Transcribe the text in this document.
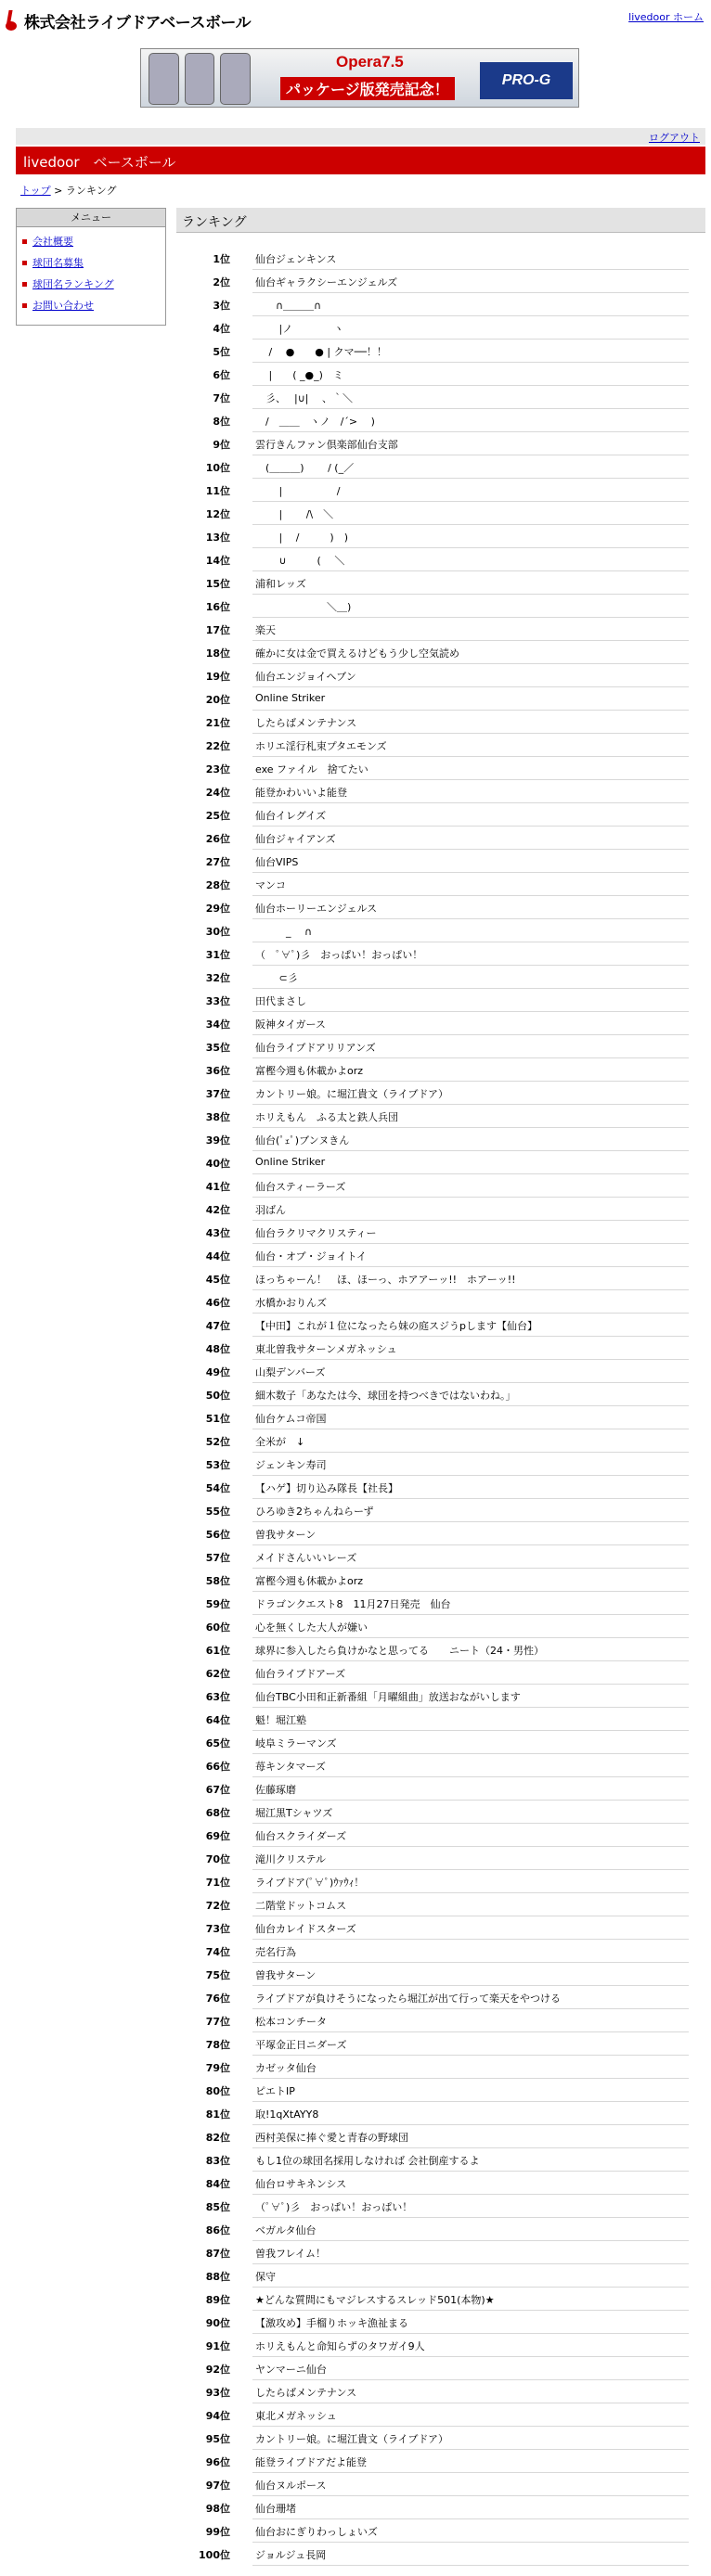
株式会社ライブドアベースボール	livedoor ホーム
Opera7.5
パッケージ版発売記念！
PRO-G OUTLET
ログアウト
livedoor　ベースボール
トップ > ランキング
メニュー
会社概要
球団名募集
球団名ランキング
お問い合わせ
ランキング
1位 仙台ジェンキンス
2位 仙台ギャラクシーエンジェルズ
3位 　　∩＿＿＿∩
4位 　 　|ノ　　　　ヽ
5位 　 /　 ●　　● | クマ──！！
6位 　 |　　( _●_)　ミ
7位 　彡、　 |∪|　 、｀＼
8位 　/　＿＿　ヽノ　/´> 　)
9位 雲行きんファン倶楽部仙台支部
10位 　(＿＿＿)　　 / (_／
11位 　　 |　　　　　 /
12位 　　 |　　 /\　＼
13位 　　 |　 /　　　)　)
14位 　　 ∪　　　(　 ＼
15位 浦和レッズ
16位 　　　　　　　＼＿)
17位 楽天
18位 確かに女は金で買えるけどもう少し空気読め
19位 仙台エンジョイヘブン
20位 Online Striker
21位 したらばメンテナンス
22位 ホリエ淫行札束プタエモンズ
23位 exe ファイル　捨てたい
24位 能登かわいいよ能登
25位 仙台イレグイズ
26位 仙台ジャイアンズ
27位 仙台VIPS
28位 マンコ
29位 仙台ホーリーエンジェルス
30位 　　　_ 　∩
31位 （　ﾟ∀ﾟ)彡　おっぱい！おっぱい！
32位 　　 ⊂彡
33位 田代まさし
34位 阪神タイガース
35位 仙台ライブドアリリアンズ
36位 富樫今週も休載かよorz
37位 カントリー娘。に堀江貴文（ライブドア）
38位 ホリえもん　ふる太と鉄人兵団
39位 仙台(ﾟｪﾟ)ブンヌきん
40位 Online Striker
41位 仙台スティーラーズ
42位 羽ばん
43位 仙台ラクリマクリスティー
44位 仙台・オブ・ジョイトイ
45位 ほっちゃーん！　ほ、ほーっ、ホアアーッ!!　ホアーッ!!
46位 水橋かおりんズ
47位 【中田】これが１位になったら妹の庭スジうpします【仙台】
48位 東北曽我サターンメガネッシュ
49位 山梨デンバーズ
50位 細木数子「あなたは今、球団を持つべきではないわね。」
51位 仙台ケムコ帝国
52位 全米が　↓
53位 ジェンキン寿司
54位 【ハゲ】切り込み隊長【社長】
55位 ひろゆき2ちゃんねらーず
56位 曽我サターン
57位 メイドさんいいレーズ
58位 富樫今週も休載かよorz
59位 ドラゴンクエスト8　11月27日発売　仙台
60位 心を無くした大人が嫌い
61位 球界に参入したら負けかなと思ってる　　ニート（24・男性）
62位 仙台ライブドアーズ
63位 仙台TBC小田和正新番組「月曜組曲」放送おながいします
64位 魁！堀江塾
65位 岐阜ミラーマンズ
66位 苺キンタマーズ
67位 佐藤琢磨
68位 堀江黒Tシャツズ
69位 仙台スクライダーズ
70位 滝川クリステル
71位 ライブドア(ﾟ∀ﾟ)ｳｧｳｨ！
72位 二階堂ドットコムス
73位 仙台カレイドスターズ
74位 売名行為
75位 曽我サターン
76位 ライブドアが負けそうになったら堀江が出て行って楽天をやつける
77位 松本コンチータ
78位 平塚金正日ニダーズ
79位 カゼッタ仙台
80位 ピエトIP
81位 取!1qXtAYY8
82位 西村美保に捧ぐ愛と青春の野球団
83位 もし1位の球団名採用しなければ 会社倒産するよ
84位 仙台ロサキネンシス
85位 （ﾟ∀ﾟ)彡　おっぱい！おっぱい！
86位 ベガルタ仙台
87位 曽我フレイム！
88位 保守
89位 ★どんな質問にもマジレスするスレッド501(本物)★
90位 【激攻め】手榴りホッキ漁祉まる
91位 ホリえもんと命知らずのタワガイ9人
92位 ヤンマーニ仙台
93位 したらばメンテナンス
94位 東北メガネッシュ
95位 カントリー娘。に堀江貴文（ライブドア）
96位 能登ライブドアだよ能登
97位 仙台ヌルポース
98位 仙台珊堵
99位 仙台おにぎりわっしょいズ
100位 ジョルジュ長岡
